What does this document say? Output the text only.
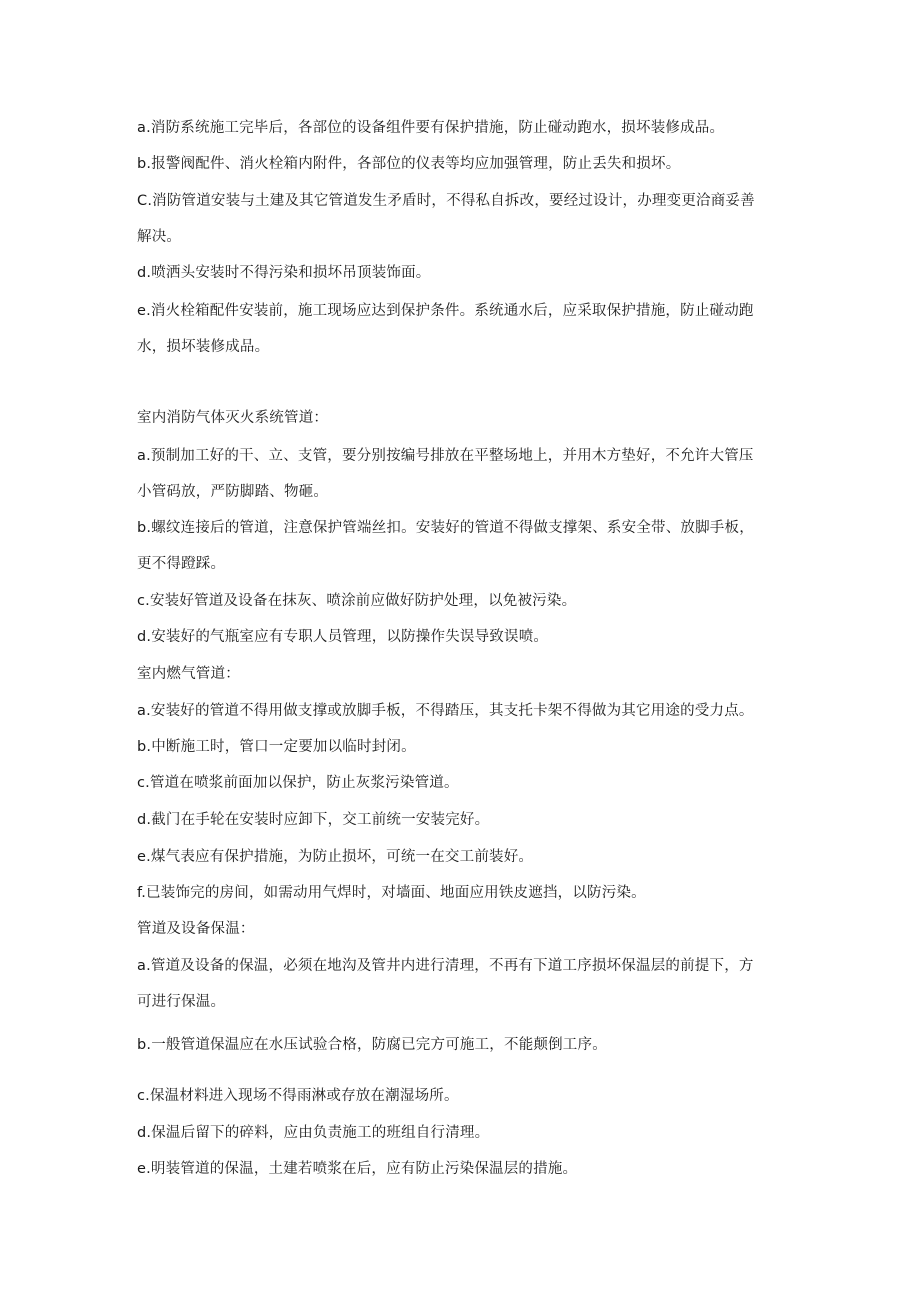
a.消防系统施工完毕后，各部位的设备组件要有保护措施，防止碰动跑水，损坏装修成品。
b.报警阀配件、消火栓箱内附件，各部位的仪表等均应加强管理，防止丢失和损坏。
C.消防管道安装与土建及其它管道发生矛盾时，不得私自拆改，要经过设计，办理变更洽商妥善
解决。
d.喷洒头安装时不得污染和损坏吊顶装饰面。
e.消火栓箱配件安装前，施工现场应达到保护条件。系统通水后，应采取保护措施，防止碰动跑
水，损坏装修成品。
室内消防气体灭火系统管道：
a.预制加工好的干、立、支管，要分别按编号排放在平整场地上，并用木方垫好，不允许大管压
小管码放，严防脚踏、物砸。
b.螺纹连接后的管道，注意保护管端丝扣。安装好的管道不得做支撑架、系安全带、放脚手板，
更不得蹬踩。
c.安装好管道及设备在抹灰、喷涂前应做好防护处理，以免被污染。
d.安装好的气瓶室应有专职人员管理，以防操作失误导致误喷。
室内燃气管道：
a.安装好的管道不得用做支撑或放脚手板，不得踏压，其支托卡架不得做为其它用途的受力点。
b.中断施工时，管口一定要加以临时封闭。
c.管道在喷浆前面加以保护，防止灰浆污染管道。
d.截门在手轮在安装时应卸下，交工前统一安装完好。
e.煤气表应有保护措施，为防止损坏，可统一在交工前装好。
f.已装饰完的房间，如需动用气焊时，对墙面、地面应用铁皮遮挡，以防污染。
管道及设备保温：
a.管道及设备的保温，必须在地沟及管井内进行清理，不再有下道工序损坏保温层的前提下，方
可进行保温。
b.一般管道保温应在水压试验合格，防腐已完方可施工，不能颠倒工序。
c.保温材料进入现场不得雨淋或存放在潮湿场所。
d.保温后留下的碎料，应由负责施工的班组自行清理。
e.明装管道的保温，土建若喷浆在后，应有防止污染保温层的措施。
